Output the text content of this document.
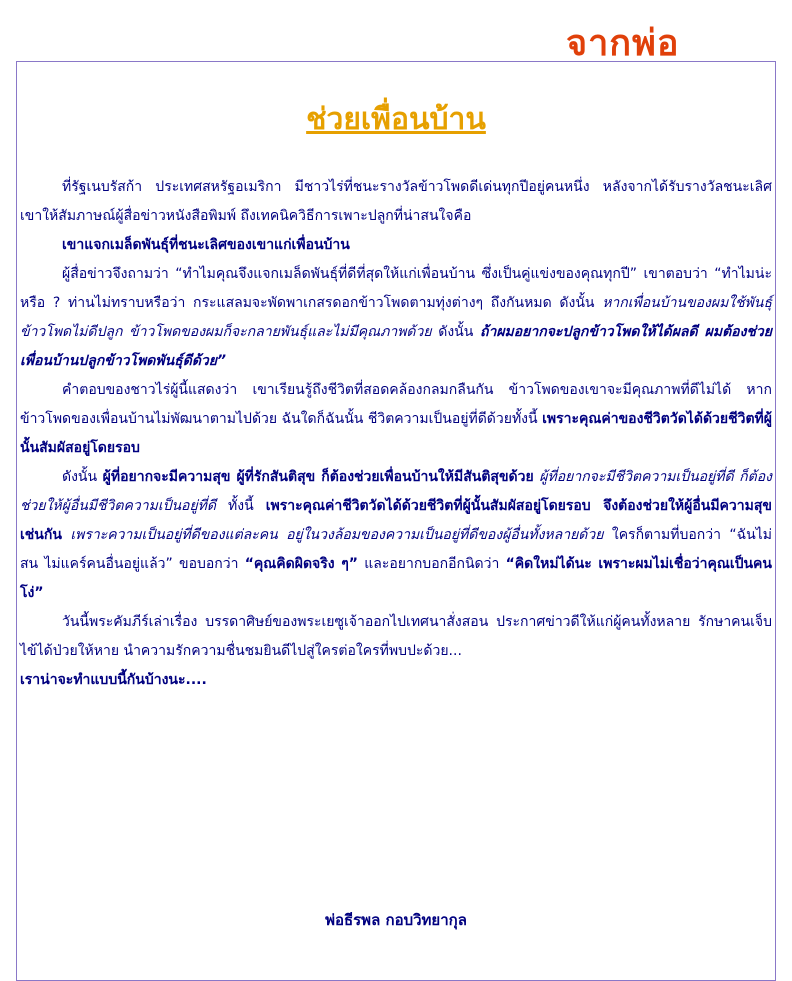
จากพ่อ
ช่วยเพื่อนบ้าน

ที่รัฐเนบรัสก้า ประเทศสหรัฐอเมริกา มีชาวไร่ที่ชนะรางวัลข้าวโพดดีเด่นทุกปีอยู่คนหนึ่ง หลังจากได้รับรางวัลชนะเลิศ เขาให้สัมภาษณ์ผู้สื่อข่าวหนังสือพิมพ์ ถึงเทคนิควิธีการเพาะปลูกที่น่าสนใจคือ

เขาแจกเมล็ดพันธุ์ที่ชนะเลิศของเขาแก่เพื่อนบ้าน

ผู้สื่อข่าวจึงถามว่า “ทำไมคุณจึงแจกเมล็ดพันธุ์ที่ดีที่สุดให้แก่เพื่อนบ้าน ซึ่งเป็นคู่แข่งของคุณทุกปี” เขาตอบว่า “ทำไมน่ะหรือ ? ท่านไม่ทราบหรือว่า กระแสลมจะพัดพาเกสรดอกข้าวโพดตามทุ่งต่างๆ ถึงกันหมด ดังนั้น หากเพื่อนบ้านของผมใช้พันธุ์ข้าวโพดไม่ดีปลูก ข้าวโพดของผมก็จะกลายพันธุ์และไม่มีคุณภาพด้วย ดังนั้น ถ้าผมอยากจะปลูกข้าวโพดให้ได้ผลดี ผมต้องช่วยเพื่อนบ้านปลูกข้าวโพดพันธุ์ดีด้วย”

คำตอบของชาวไร่ผู้นี้แสดงว่า เขาเรียนรู้ถึงชีวิตที่สอดคล้องกลมกลืนกัน ข้าวโพดของเขาจะมีคุณภาพที่ดีไม่ได้ หากข้าวโพดของเพื่อนบ้านไม่พัฒนาตามไปด้วย ฉันใดก็ฉันนั้น ชีวิตความเป็นอยู่ที่ดีด้วยทั้งนี้ เพราะคุณค่าของชีวิตวัดได้ด้วยชีวิตที่ผู้นั้นสัมผัสอยู่โดยรอบ

ดังนั้น ผู้ที่อยากจะมีความสุข ผู้ที่รักสันติสุข ก็ต้องช่วยเพื่อนบ้านให้มีสันติสุขด้วย ผู้ที่อยากจะมีชีวิตความเป็นอยู่ที่ดี ก็ต้องช่วยให้ผู้อื่นมีชีวิตความเป็นอยู่ที่ดี ทั้งนี้ เพราะคุณค่าชีวิตวัดได้ด้วยชีวิตที่ผู้นั้นสัมผัสอยู่โดยรอบ จึงต้องช่วยให้ผู้อื่นมีความสุขเช่นกัน เพราะความเป็นอยู่ที่ดีของแต่ละคน อยู่ในวงล้อมของความเป็นอยู่ที่ดีของผู้อื่นทั้งหลายด้วย ใครก็ตามที่บอกว่า “ฉันไม่สน ไม่แคร์คนอื่นอยู่แล้ว” ขอบอกว่า “คุณคิดผิดจริง ๆ” และอยากบอกอีกนิดว่า “คิดใหม่ได้นะ เพราะผมไม่เชื่อว่าคุณเป็นคนโง่”

วันนี้พระคัมภีร์เล่าเรื่อง บรรดาศิษย์ของพระเยซูเจ้าออกไปเทศนาสั่งสอน ประกาศข่าวดีให้แก่ผู้คนทั้งหลาย รักษาคนเจ็บไข้ได้ป่วยให้หาย นำความรักความชื่นชมยินดีไปสู่ใครต่อใครที่พบปะด้วย...

เราน่าจะทำแบบนี้กันบ้างนะ....

พ่อธีรพล กอบวิทยากุล
